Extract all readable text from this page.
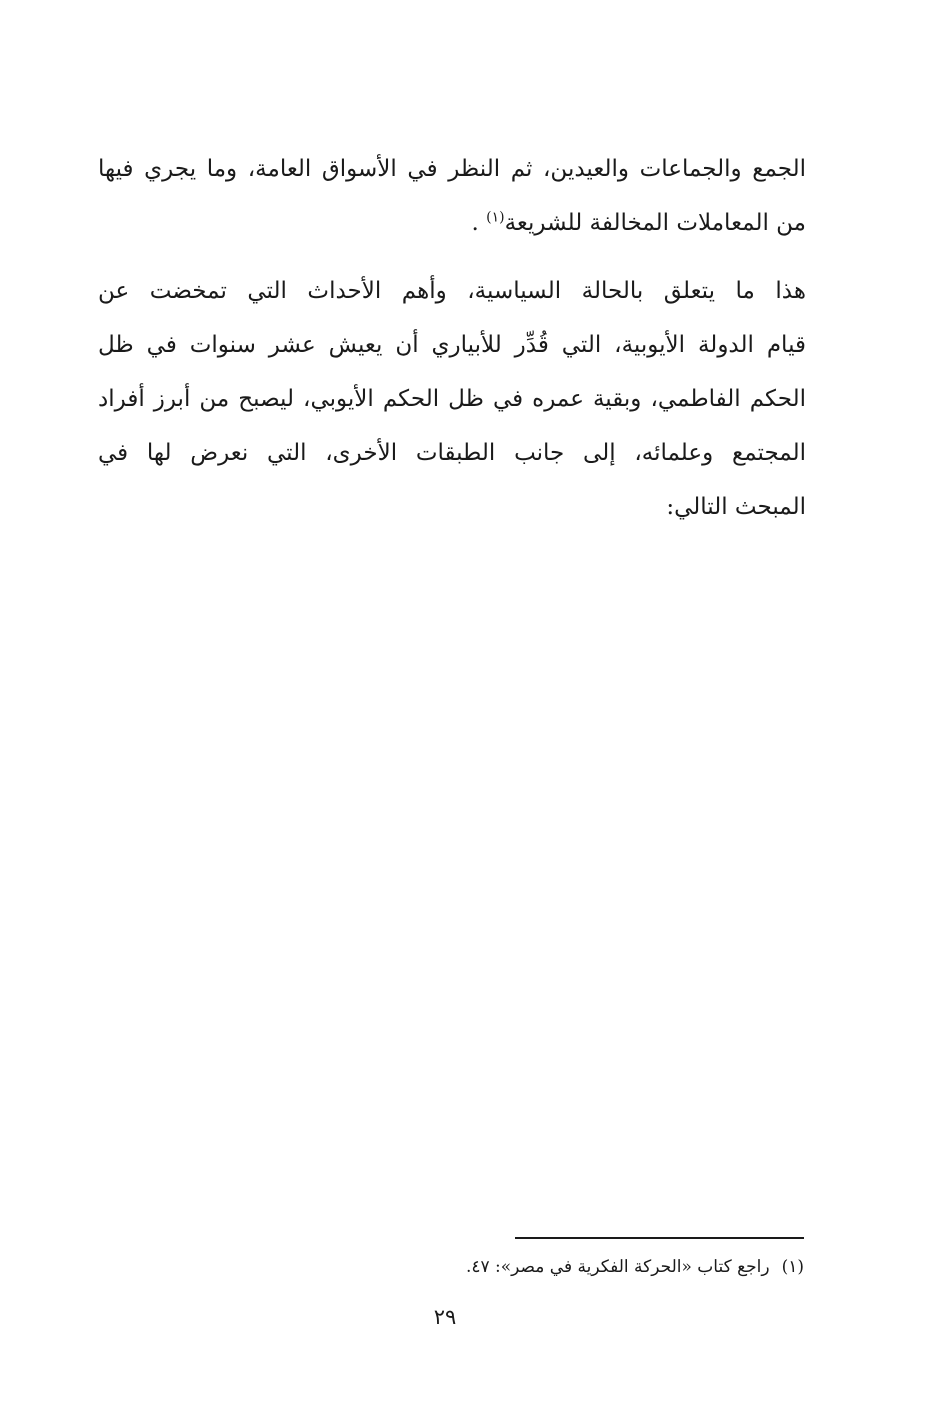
الجمع والجماعات والعيدين، ثم النظر في الأسواق العامة، وما يجري فيها
من المعاملات المخالفة للشريعة$^{(١)}$ .
هذا ما يتعلق بالحالة السياسية، وأهم الأحداث التي تمخضت عن
قيام الدولة الأيوبية، التي قُدِّر للأبياري أن يعيش عشر سنوات في ظل
الحكم الفاطمي، وبقية عمره في ظل الحكم الأيوبي، ليصبح من أبرز أفراد
المجتمع وعلمائه، إلى جانب الطبقات الأخرى، التي نعرض لها في
المبحث التالي:
(١)راجع كتاب «الحركة الفكرية في مصر»: ٤٧.
٢٩
